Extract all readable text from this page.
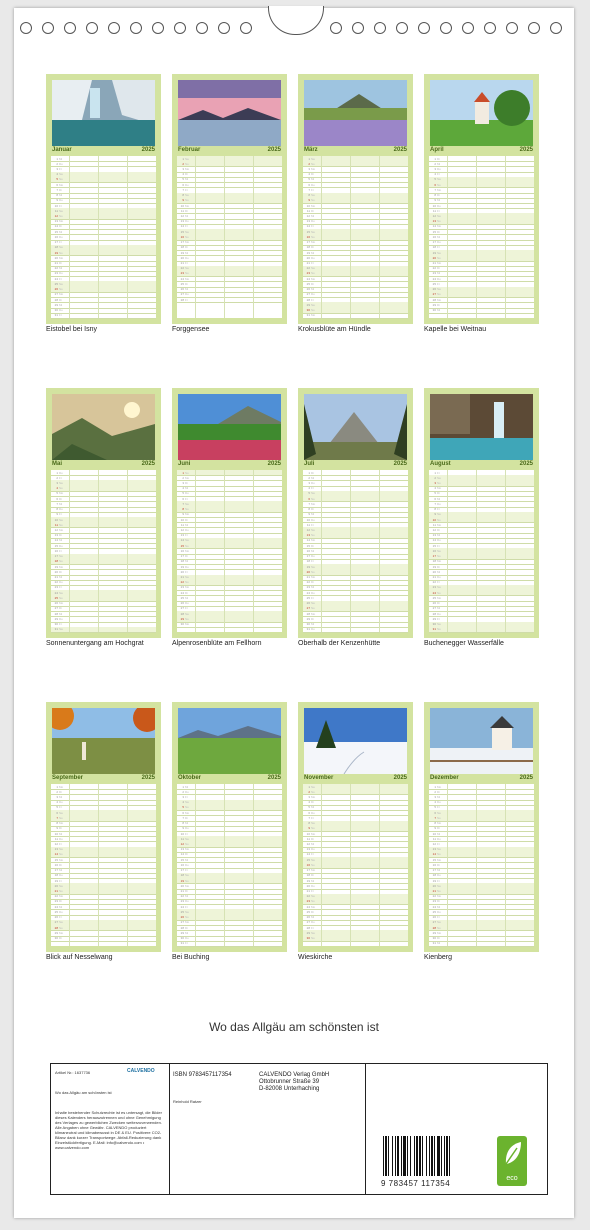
Januar	2025
1 Mi
2 Do
3 Fr
4 Sa
5 So
6 Mo
7 Di
8 Mi
9 Do
10 Fr
11 Sa
12 So
13 Mo
14 Di
15 Mi
16 Do
17 Fr
18 Sa
19 So
20 Mo
21 Di
22 Mi
23 Do
24 Fr
25 Sa
26 So
27 Mo
28 Di
29 Mi
30 Do
31 Fr
Eistobel bei Isny
Februar	2025
1 Sa
2 So
3 Mo
4 Di
5 Mi
6 Do
7 Fr
8 Sa
9 So
10 Mo
11 Di
12 Mi
13 Do
14 Fr
15 Sa
16 So
17 Mo
18 Di
19 Mi
20 Do
21 Fr
22 Sa
23 So
24 Mo
25 Di
26 Mi
27 Do
28 Fr
Forggensee
März	2025
1 Sa
2 So
3 Mo
4 Di
5 Mi
6 Do
7 Fr
8 Sa
9 So
10 Mo
11 Di
12 Mi
13 Do
14 Fr
15 Sa
16 So
17 Mo
18 Di
19 Mi
20 Do
21 Fr
22 Sa
23 So
24 Mo
25 Di
26 Mi
27 Do
28 Fr
29 Sa
30 So
31 Mo
Krokusblüte am Hündle
April	2025
1 Di
2 Mi
3 Do
4 Fr
5 Sa
6 So
7 Mo
8 Di
9 Mi
10 Do
11 Fr
12 Sa
13 So
14 Mo
15 Di
16 Mi
17 Do
18 Fr
19 Sa
20 So
21 Mo
22 Di
23 Mi
24 Do
25 Fr
26 Sa
27 So
28 Mo
29 Di
30 Mi
Kapelle bei Weitnau
Mai	2025
1 Do
2 Fr
3 Sa
4 So
5 Mo
6 Di
7 Mi
8 Do
9 Fr
10 Sa
11 So
12 Mo
13 Di
14 Mi
15 Do
16 Fr
17 Sa
18 So
19 Mo
20 Di
21 Mi
22 Do
23 Fr
24 Sa
25 So
26 Mo
27 Di
28 Mi
29 Do
30 Fr
31 Sa
Sonnenuntergang am Hochgrat
Juni	2025
1 So
2 Mo
3 Di
4 Mi
5 Do
6 Fr
7 Sa
8 So
9 Mo
10 Di
11 Mi
12 Do
13 Fr
14 Sa
15 So
16 Mo
17 Di
18 Mi
19 Do
20 Fr
21 Sa
22 So
23 Mo
24 Di
25 Mi
26 Do
27 Fr
28 Sa
29 So
30 Mo
Alpenrosenblüte am Fellhorn
Juli	2025
1 Di
2 Mi
3 Do
4 Fr
5 Sa
6 So
7 Mo
8 Di
9 Mi
10 Do
11 Fr
12 Sa
13 So
14 Mo
15 Di
16 Mi
17 Do
18 Fr
19 Sa
20 So
21 Mo
22 Di
23 Mi
24 Do
25 Fr
26 Sa
27 So
28 Mo
29 Di
30 Mi
31 Do
Oberhalb der Kenzenhütte
August	2025
1 Fr
2 Sa
3 So
4 Mo
5 Di
6 Mi
7 Do
8 Fr
9 Sa
10 So
11 Mo
12 Di
13 Mi
14 Do
15 Fr
16 Sa
17 So
18 Mo
19 Di
20 Mi
21 Do
22 Fr
23 Sa
24 So
25 Mo
26 Di
27 Mi
28 Do
29 Fr
30 Sa
31 So
Buchenegger Wasserfälle
September	2025
1 Mo
2 Di
3 Mi
4 Do
5 Fr
6 Sa
7 So
8 Mo
9 Di
10 Mi
11 Do
12 Fr
13 Sa
14 So
15 Mo
16 Di
17 Mi
18 Do
19 Fr
20 Sa
21 So
22 Mo
23 Di
24 Mi
25 Do
26 Fr
27 Sa
28 So
29 Mo
30 Di
Blick auf Nesselwang
Oktober	2025
1 Mi
2 Do
3 Fr
4 Sa
5 So
6 Mo
7 Di
8 Mi
9 Do
10 Fr
11 Sa
12 So
13 Mo
14 Di
15 Mi
16 Do
17 Fr
18 Sa
19 So
20 Mo
21 Di
22 Mi
23 Do
24 Fr
25 Sa
26 So
27 Mo
28 Di
29 Mi
30 Do
31 Fr
Bei Buching
November	2025
1 Sa
2 So
3 Mo
4 Di
5 Mi
6 Do
7 Fr
8 Sa
9 So
10 Mo
11 Di
12 Mi
13 Do
14 Fr
15 Sa
16 So
17 Mo
18 Di
19 Mi
20 Do
21 Fr
22 Sa
23 So
24 Mo
25 Di
26 Mi
27 Do
28 Fr
29 Sa
30 So
Wieskirche
Dezember	2025
1 Mo
2 Di
3 Mi
4 Do
5 Fr
6 Sa
7 So
8 Mo
9 Di
10 Mi
11 Do
12 Fr
13 Sa
14 So
15 Mo
16 Di
17 Mi
18 Do
19 Fr
20 Sa
21 So
22 Mo
23 Di
24 Mi
25 Do
26 Fr
27 Sa
28 So
29 Mo
30 Di
31 Mi
Kienberg
Wo das Allgäu am schönsten ist
Artikel Nr.: 1637736	CALVENDO
Wo das Allgäu am schönsten ist
Inhalte bestehender Schutzrechte ist es untersagt, die Bilder dieses Kalenders herauszutrennen und ohne Genehmigung des Verlages zu gewerblichen Zwecken weiterzuverwenden. Alle Angaben ohne Gewähr. CALVENDO produziert klimaneutral und klimabewusst in DE & EU. Positivere CO2-Bilanz dank kurzer Transportwege. Abfall-Reduzierung dank Einzelstückfertigung. E-Mail: info@calvendo.com • www.calvendo.com
ISBN 9783457117354
Reinhold Ratzer
CALVENDO Verlag GmbH
Ottobrunner Straße 39
D-82008 Unterhaching
9 783457 117354
eco
